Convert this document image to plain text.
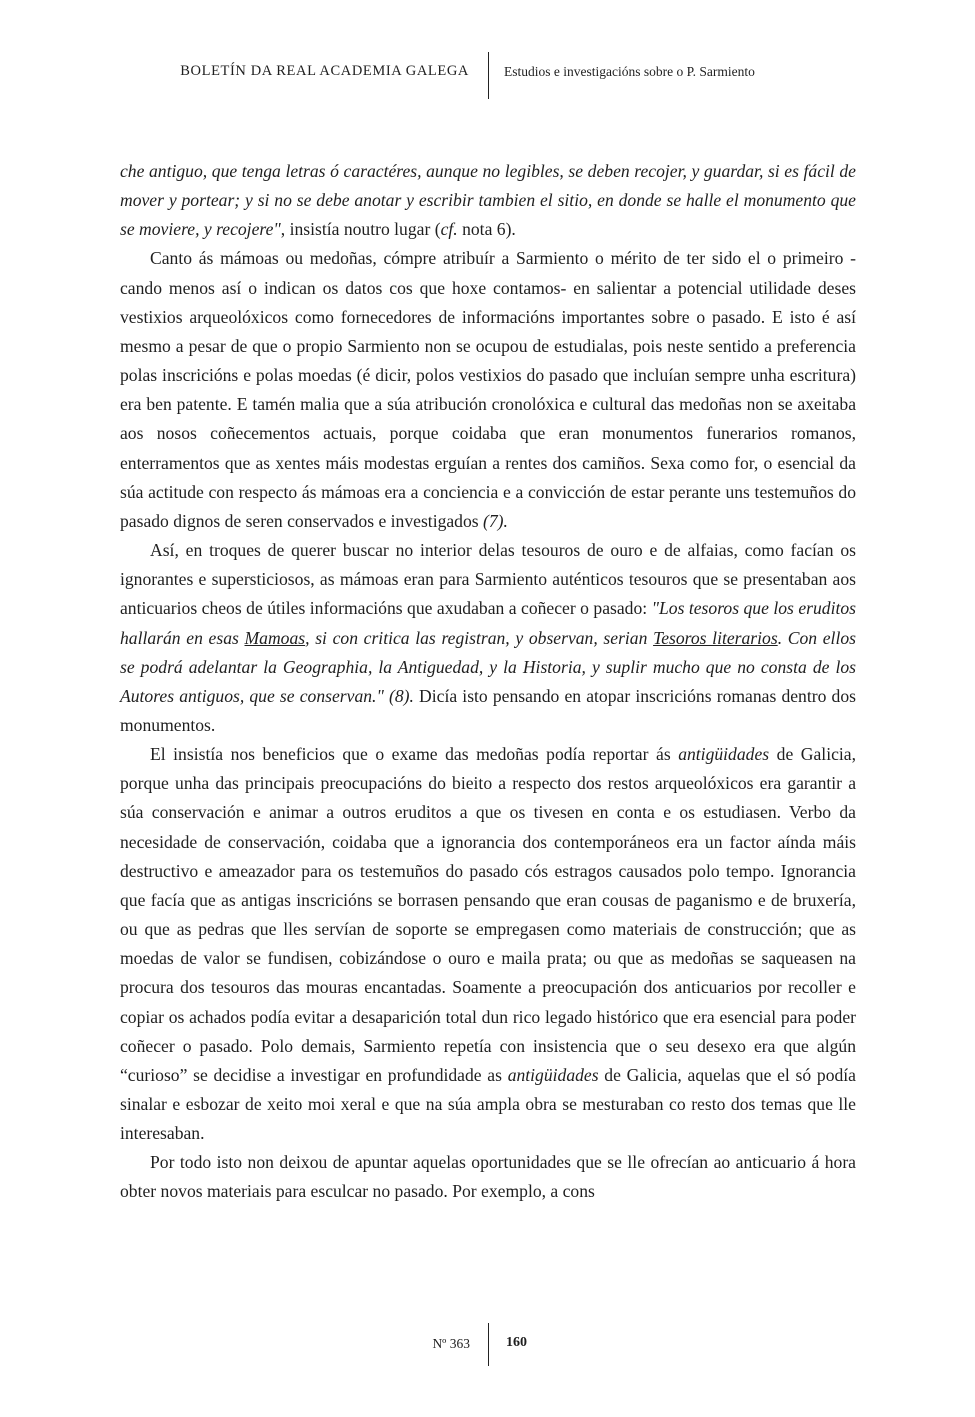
BOLETÍN DA REAL ACADEMIA GALEGA	Estudios e investigacións sobre o P. Sarmiento

che antiguo, que tenga letras ó caractéres, aunque no legibles, se deben recojer, y guardar, si es fácil de mover y portear; y si no se debe anotar y escribir tambien el sitio, en donde se halle el monumento que se moviere, y recojere", insistía noutro lugar (cf. nota 6).

Canto ás mámoas ou medoñas, cómpre atribuír a Sarmiento o mérito de ter sido el o primeiro -cando menos así o indican os datos cos que hoxe contamos- en salientar a potencial utilidade deses vestixios arqueolóxicos como fornecedores de informacións importantes sobre o pasado. E isto é así mesmo a pesar de que o propio Sarmiento non se ocupou de estudialas, pois neste sentido a preferencia polas inscricións e polas moedas (é dicir, polos vestixios do pasado que incluían sempre unha escritura) era ben patente. E tamén malia que a súa atribución cronolóxica e cultural das medoñas non se axeitaba aos nosos coñecementos actuais, porque coidaba que eran monumentos funerarios romanos, enterramentos que as xentes máis modestas erguían a rentes dos camiños. Sexa como for, o esencial da súa actitude con respecto ás mámoas era a conciencia e a convicción de estar perante uns testemuños do pasado dignos de seren conservados e investigados (7).

Así, en troques de querer buscar no interior delas tesouros de ouro e de alfaias, como facían os ignorantes e supersticiosos, as mámoas eran para Sarmiento auténticos tesouros que se presentaban aos anticuarios cheos de útiles informacións que axudaban a coñecer o pasado: "Los tesoros que los eruditos hallarán en esas Mamoas, si con critica las registran, y observan, serian Tesoros literarios. Con ellos se podrá adelantar la Geographia, la Antiguedad, y la Historia, y suplir mucho que no consta de los Autores antiguos, que se conservan." (8). Dicía isto pensando en atopar inscricións romanas dentro dos monumentos.

El insistía nos beneficios que o exame das medoñas podía reportar ás antigüidades de Galicia, porque unha das principais preocupacións do bieito a respecto dos restos arqueolóxicos era garantir a súa conservación e animar a outros eruditos a que os tivesen en conta e os estudiasen. Verbo da necesidade de conservación, coidaba que a ignorancia dos contemporáneos era un factor aínda máis destructivo e ameazador para os testemuños do pasado cós estragos causados polo tempo. Ignorancia que facía que as antigas inscricións se borrasen pensando que eran cousas de paganismo e de bruxería, ou que as pedras que lles servían de soporte se empregasen como materiais de construcción; que as moedas de valor se fundisen, cobizándose o ouro e maila prata; ou que as medoñas se saqueasen na procura dos tesouros das mouras encantadas. Soamente a preocupación dos anticuarios por recoller e copiar os achados podía evitar a desaparición total dun rico legado histórico que era esencial para poder coñecer o pasado. Polo demais, Sarmiento repetía con insistencia que o seu desexo era que algún “curioso” se decidise a investigar en profundidade as antigüidades de Galicia, aquelas que el só podía sinalar e esbozar de xeito moi xeral e que na súa ampla obra se mesturaban co resto dos temas que lle interesaban.

Por todo isto non deixou de apuntar aquelas oportunidades que se lle ofrecían ao anticuario á hora obter novos materiais para esculcar no pasado. Por exemplo, a cons

Nº 363	160
